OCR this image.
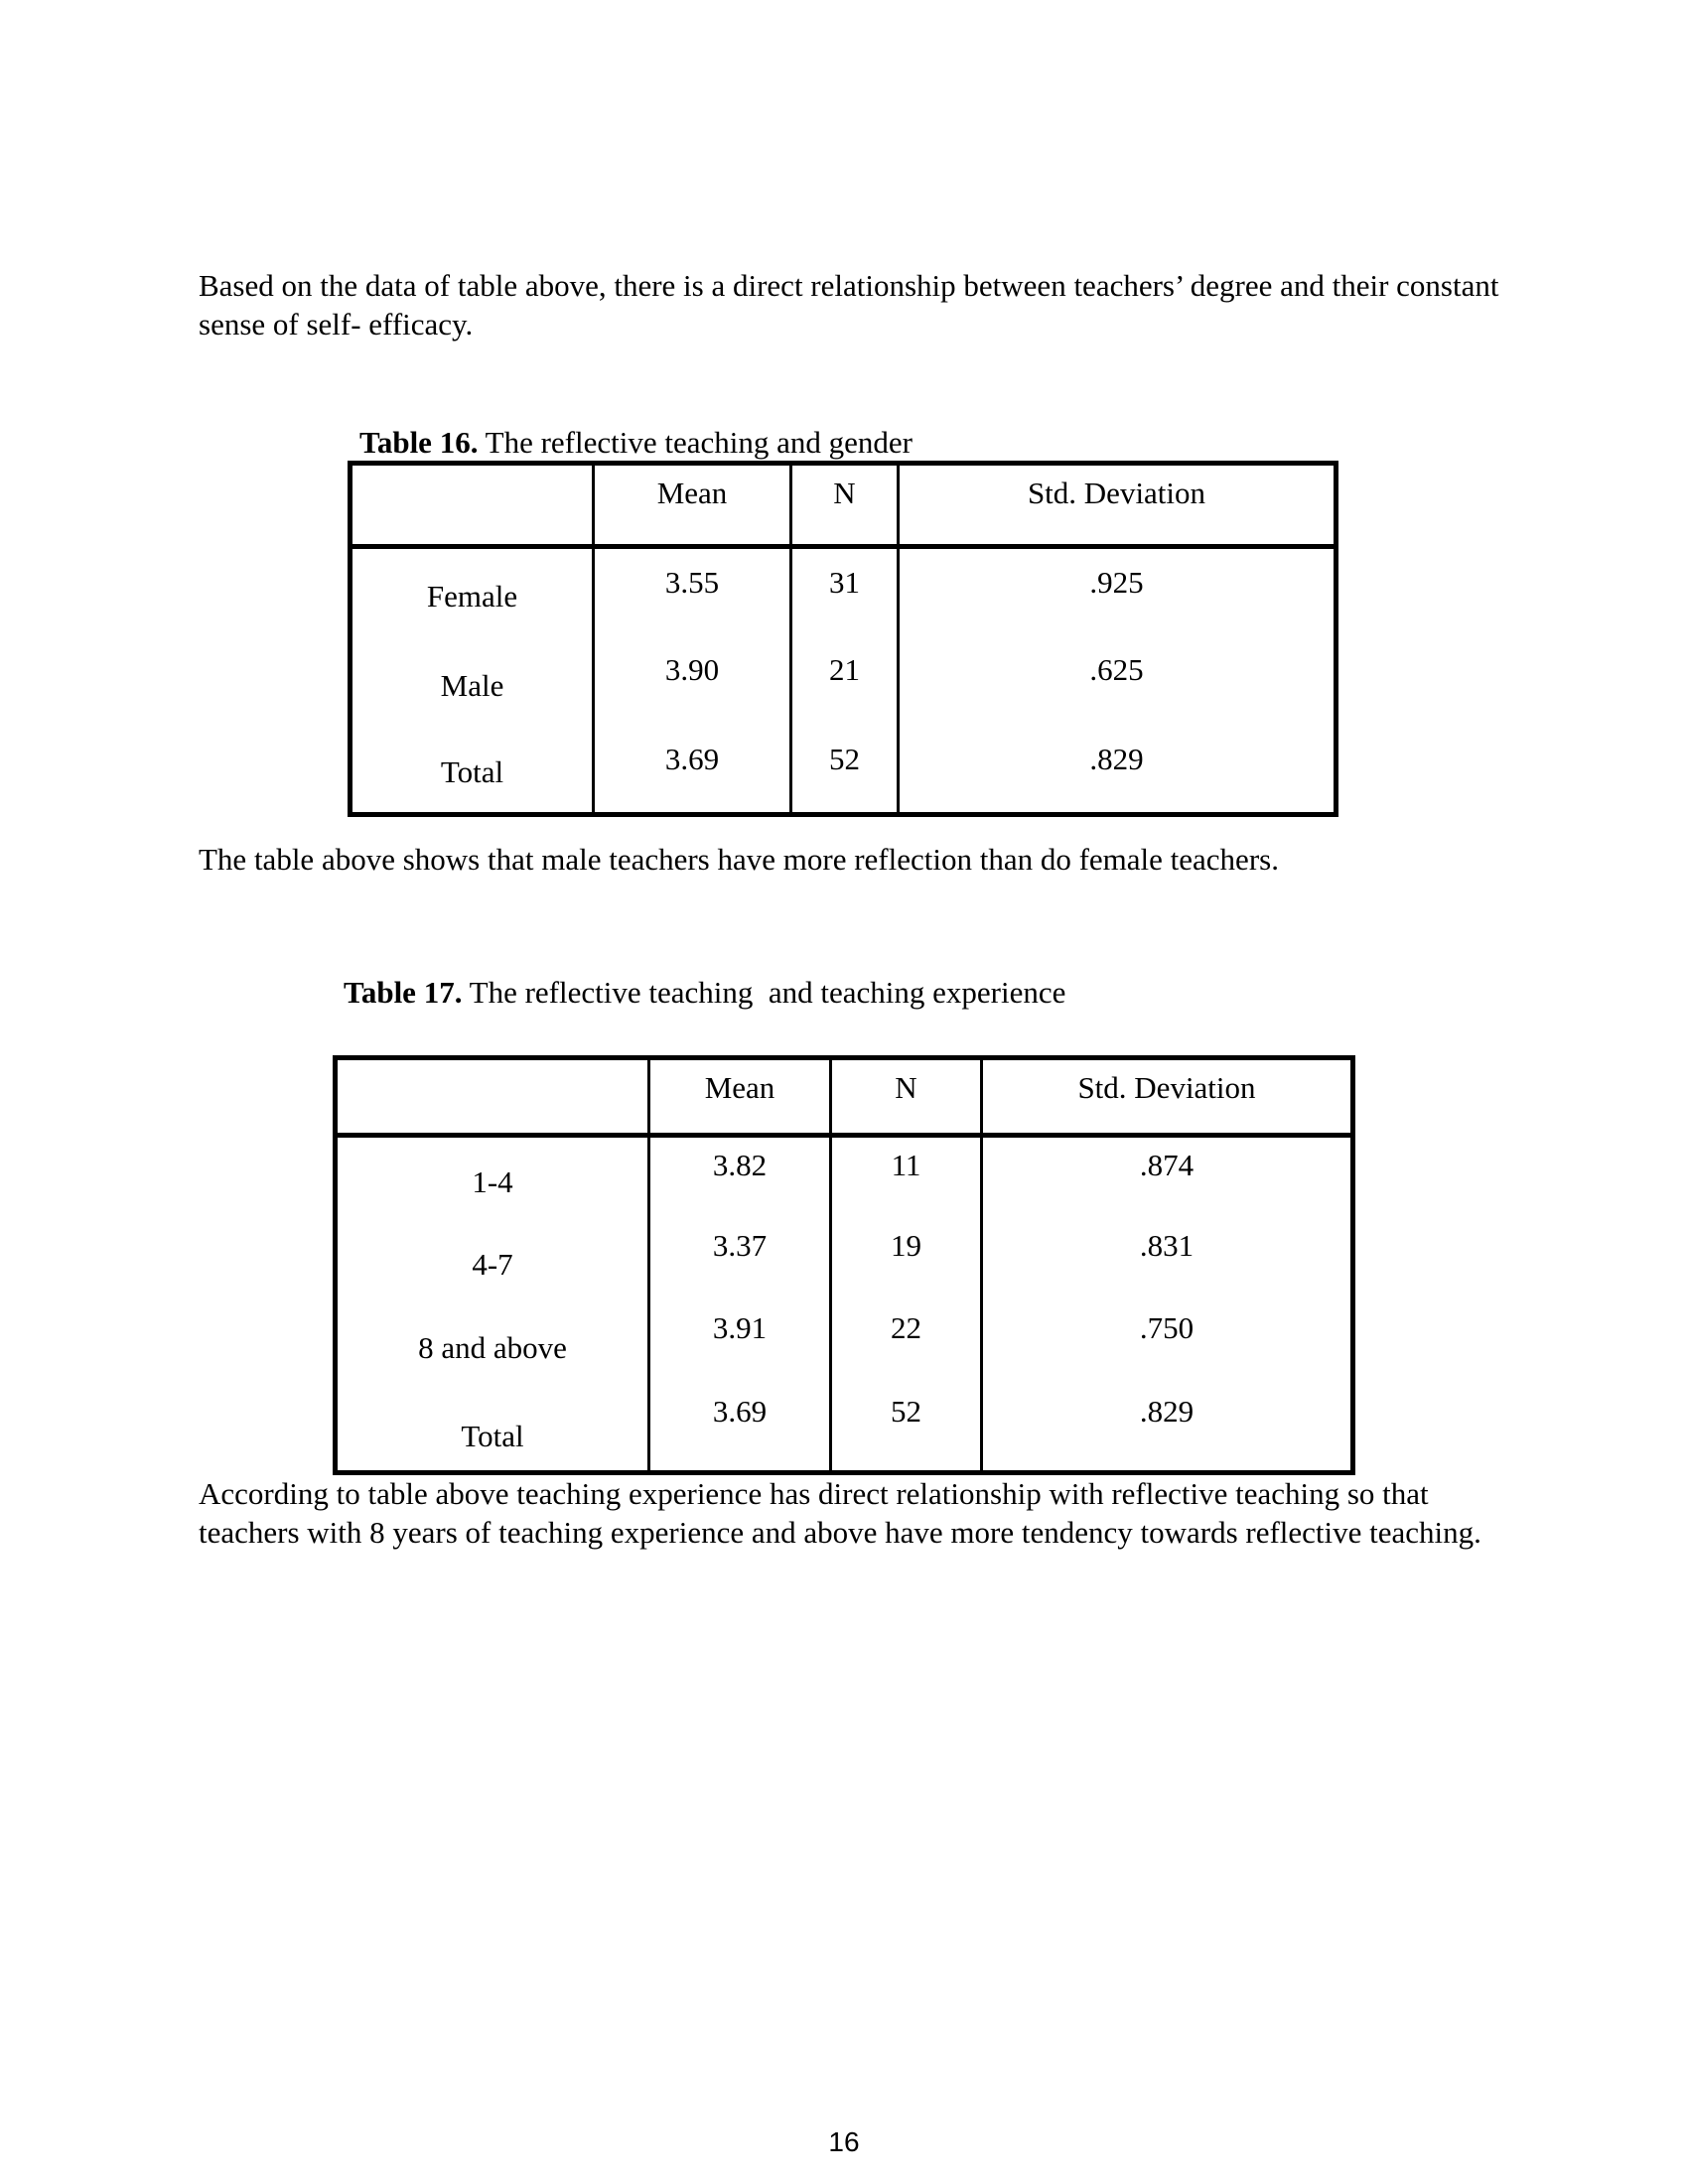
Based on the data of table above, there is a direct relationship between teachers’ degree and their constant sense of self- efficacy.

Table 16. The reflective teaching and gender
	Mean	N	Std. Deviation
Female	3.55	31	.925
Male	3.90	21	.625
Total	3.69	52	.829

The table above shows that male teachers have more reflection than do female teachers.

Table 17. The reflective teaching  and teaching experience
	Mean	N	Std. Deviation
1-4	3.82	11	.874
4-7	3.37	19	.831
8 and above	3.91	22	.750
Total	3.69	52	.829

According to table above teaching experience has direct relationship with reflective teaching so that teachers with 8 years of teaching experience and above have more tendency towards reflective teaching.

16
